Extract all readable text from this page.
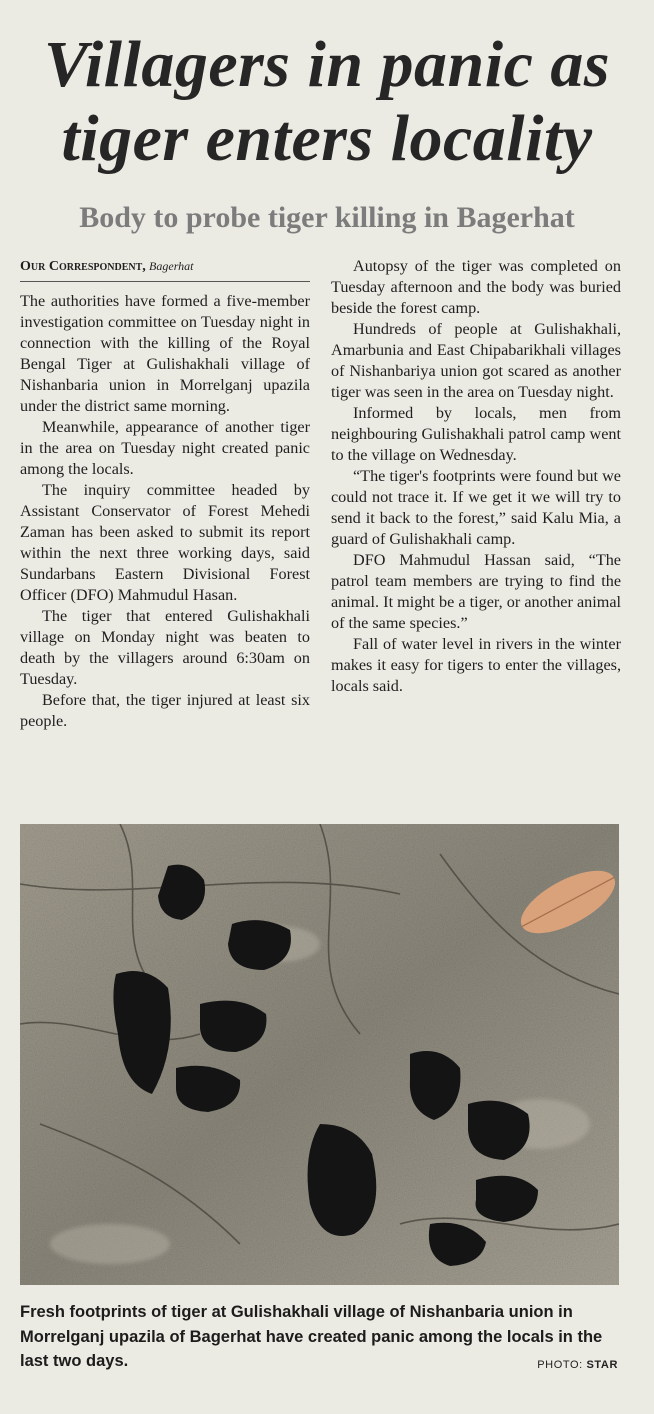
Villagers in panic as
tiger enters locality
Body to probe tiger killing in Bagerhat
Our Correspondent, Bagerhat

The authorities have formed a five-member investigation committee on Tuesday night in connection with the killing of the Royal Bengal Tiger at Gulishakhali village of Nishanbaria union in Morrelganj upazila under the district same morning.

Meanwhile, appearance of another tiger in the area on Tuesday night created panic among the locals.

The inquiry committee headed by Assistant Conservator of Forest Mehedi Zaman has been asked to submit its report within the next three working days, said Sundarbans Eastern Divisional Forest Officer (DFO) Mahmudul Hasan.

The tiger that entered Gulishakhali village on Monday night was beaten to death by the villagers around 6:30am on Tuesday.

Before that, the tiger injured at least six people.

Autopsy of the tiger was completed on Tuesday afternoon and the body was buried beside the forest camp.

Hundreds of people at Gulishakhali, Amarbunia and East Chipabarikhali villages of Nishanbariya union got scared as another tiger was seen in the area on Tuesday night.

Informed by locals, men from neighbouring Gulishakhali patrol camp went to the village on Wednesday.

“The tiger's footprints were found but we could not trace it. If we get it we will try to send it back to the forest,” said Kalu Mia, a guard of Gulishakhali camp.

DFO Mahmudul Hassan said, “The patrol team members are trying to find the animal. It might be a tiger, or another animal of the same species.”

Fall of water level in rivers in the winter makes it easy for tigers to enter the villages, locals said.

Fresh footprints of tiger at Gulishakhali village of Nishanbaria union in Morrelganj upazila of Bagerhat have created panic among the locals in the last two days.	PHOTO: STAR
